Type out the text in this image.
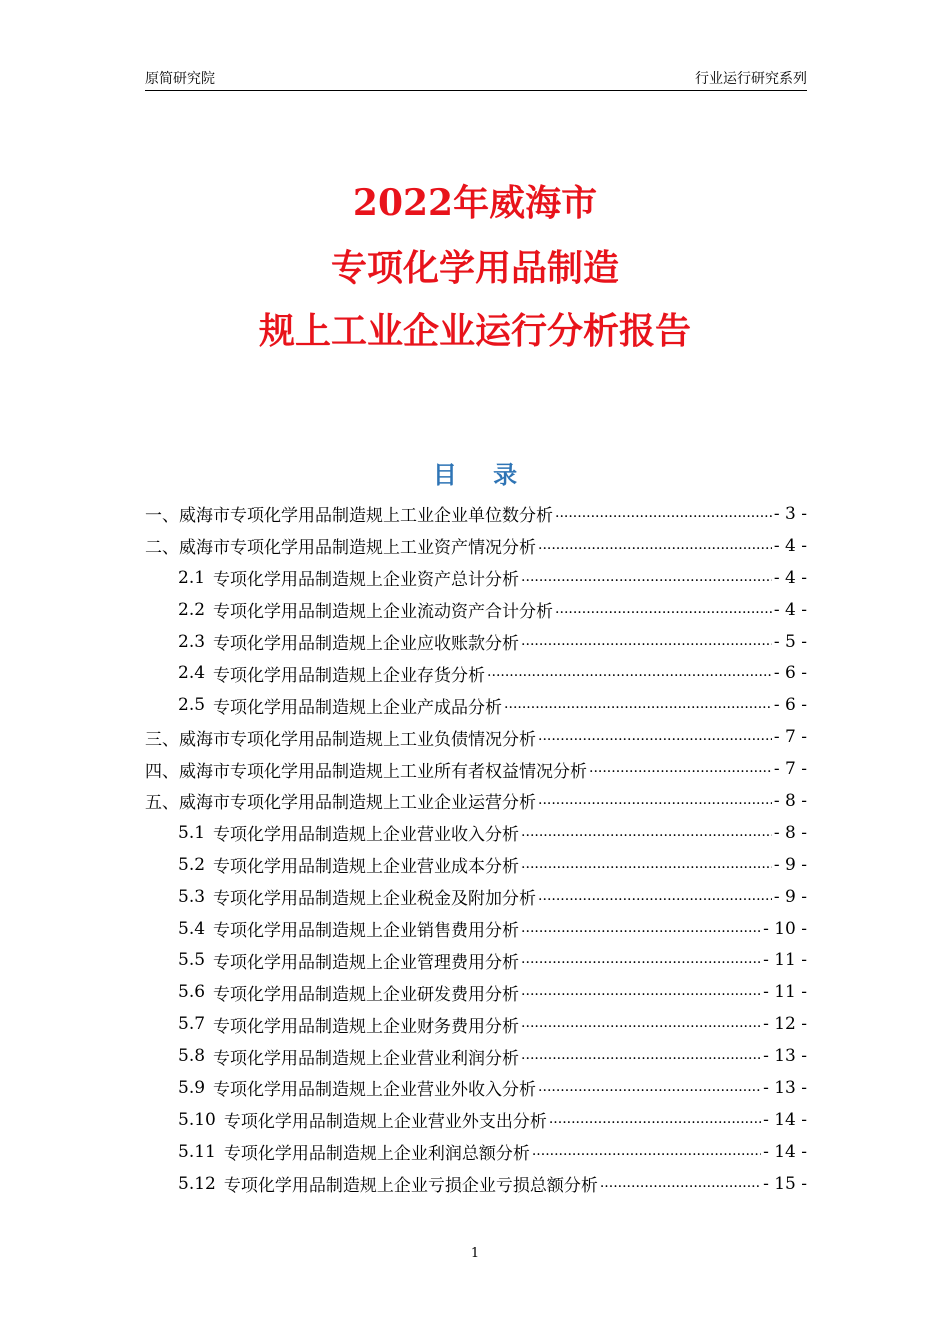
原简研究院	行业运行研究系列
2022年威海市
专项化学用品制造
规上工业企业运行分析报告
目 录
一、 威海市专项化学用品制造规上工业企业单位数分析 .....	- 3 -
二、 威海市专项化学用品制造规上工业资产情况分析 .....	- 4 -
2.1 专项化学用品制造规上企业资产总计分析 .....	- 4 -
2.2 专项化学用品制造规上企业流动资产合计分析 .....	- 4 -
2.3 专项化学用品制造规上企业应收账款分析 .....	- 5 -
2.4 专项化学用品制造规上企业存货分析 .....	- 6 -
2.5 专项化学用品制造规上企业产成品分析 .....	- 6 -
三、 威海市专项化学用品制造规上工业负债情况分析 .....	- 7 -
四、 威海市专项化学用品制造规上工业所有者权益情况分析 .....	- 7 -
五、 威海市专项化学用品制造规上工业企业运营分析 .....	- 8 -
5.1 专项化学用品制造规上企业营业收入分析 .....	- 8 -
5.2 专项化学用品制造规上企业营业成本分析 .....	- 9 -
5.3 专项化学用品制造规上企业税金及附加分析 .....	- 9 -
5.4 专项化学用品制造规上企业销售费用分析 .....	- 10 -
5.5 专项化学用品制造规上企业管理费用分析 .....	- 11 -
5.6 专项化学用品制造规上企业研发费用分析 .....	- 11 -
5.7 专项化学用品制造规上企业财务费用分析 .....	- 12 -
5.8 专项化学用品制造规上企业营业利润分析 .....	- 13 -
5.9 专项化学用品制造规上企业营业外收入分析 .....	- 13 -
5.10 专项化学用品制造规上企业营业外支出分析 .....	- 14 -
5.11 专项化学用品制造规上企业利润总额分析 .....	- 14 -
5.12 专项化学用品制造规上企业亏损企业亏损总额分析 .....	- 15 -
1
